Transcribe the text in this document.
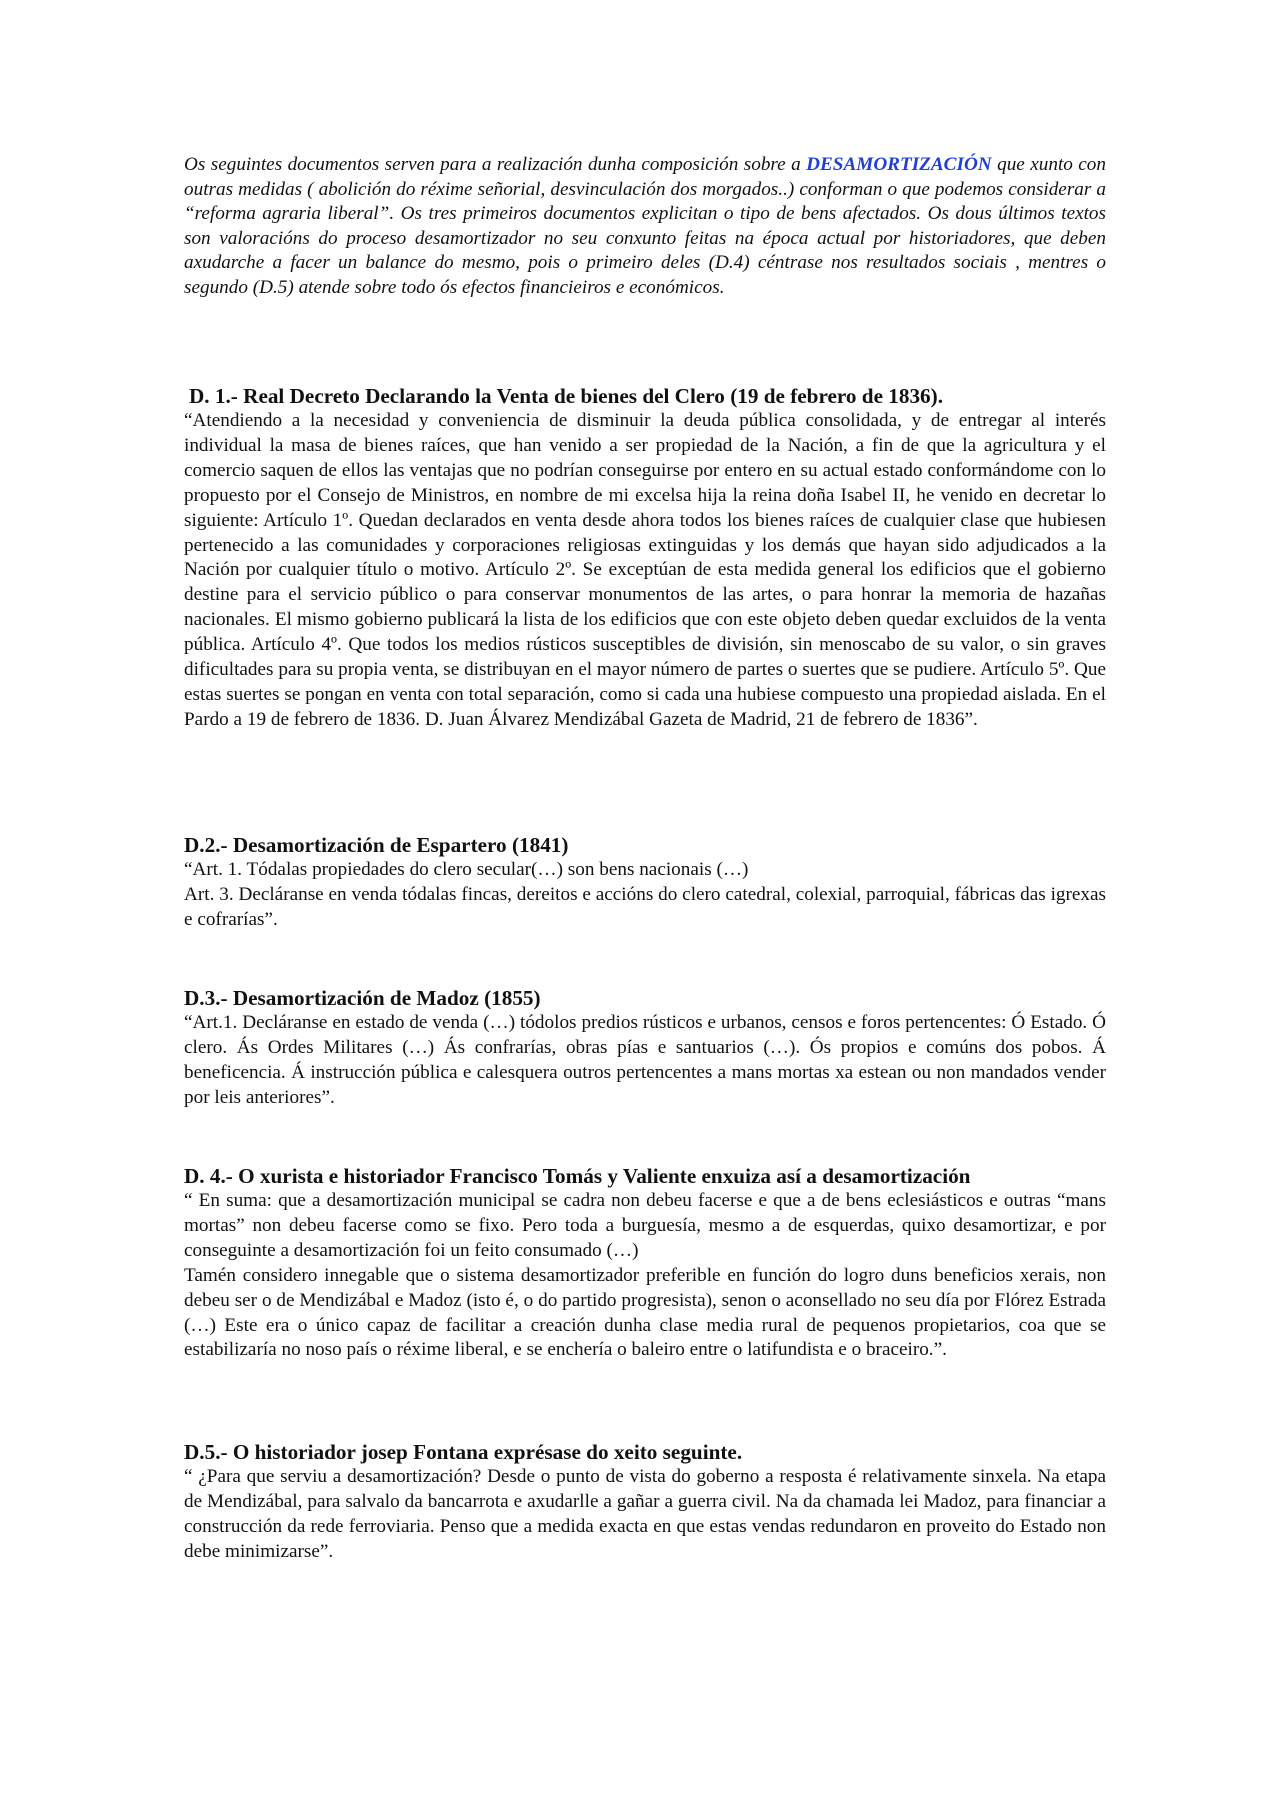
Os seguintes documentos serven para a realización dunha composición sobre a DESAMORTIZACIÓN que xunto con outras medidas ( abolición do réxime señorial, desvinculación dos morgados..) conforman o que podemos considerar a “reforma agraria liberal”. Os tres primeiros documentos explicitan o tipo de bens afectados. Os dous últimos textos son valoracións do proceso desamortizador no seu conxunto feitas na época actual por historiadores, que deben axudarche a facer un balance do mesmo, pois o primeiro deles (D.4) céntrase nos resultados sociais , mentres o segundo (D.5) atende sobre todo ós efectos financieiros e económicos.
D. 1.- Real Decreto Declarando la Venta de bienes del Clero (19 de febrero de 1836).

“Atendiendo a la necesidad y conveniencia de disminuir la deuda pública consolidada, y de entregar al interés individual la masa de bienes raíces, que han venido a ser propiedad de la Nación, a fin de que la agricultura y el comercio saquen de ellos las ventajas que no podrían conseguirse por entero en su actual estado conformándome con lo propuesto por el Consejo de Ministros, en nombre de mi excelsa hija la reina doña Isabel II, he venido en decretar lo siguiente: Artículo 1º. Quedan declarados en venta desde ahora todos los bienes raíces de cualquier clase que hubiesen pertenecido a las comunidades y corporaciones religiosas extinguidas y los demás que hayan sido adjudicados a la Nación por cualquier título o motivo. Artículo 2º. Se exceptúan de esta medida general los edificios que el gobierno destine para el servicio público o para conservar monumentos de las artes, o para honrar la memoria de hazañas nacionales. El mismo gobierno publicará la lista de los edificios que con este objeto deben quedar excluidos de la venta pública. Artículo 4º. Que todos los medios rústicos susceptibles de división, sin menoscabo de su valor, o sin graves dificultades para su propia venta, se distribuyan en el mayor número de partes o suertes que se pudiere. Artículo 5º. Que estas suertes se pongan en venta con total separación, como si cada una hubiese compuesto una propiedad aislada. En el Pardo a 19 de febrero de 1836. D. Juan Álvarez Mendizábal Gazeta de Madrid, 21 de febrero de 1836”.

D.2.- Desamortización de Espartero (1841)

“Art. 1. Tódalas propiedades do clero secular(…) son bens nacionais (…)

Art. 3. Decláranse en venda tódalas fincas, dereitos e accións do clero catedral, colexial, parroquial, fábricas das igrexas e cofrarías”.

D.3.- Desamortización de Madoz (1855)

“Art.1. Decláranse en estado de venda (…) tódolos predios rústicos e urbanos, censos e foros pertencentes: Ó Estado. Ó clero. Ás Ordes Militares (…) Ás confrarías, obras pías e santuarios (…). Ós propios e comúns dos pobos. Á beneficencia. Á instrucción pública e calesquera outros pertencentes a mans mortas xa estean ou non mandados vender por leis anteriores”.

D. 4.- O xurista e historiador Francisco Tomás y Valiente enxuiza así a desamortización

“ En suma: que a desamortización municipal se cadra non debeu facerse e que a de bens eclesiásticos e outras “mans mortas” non debeu facerse como se fixo. Pero toda a burguesía, mesmo a de esquerdas, quixo desamortizar, e por conseguinte a desamortización foi un feito consumado (…)

Tamén considero innegable que o sistema desamortizador preferible en función do logro duns beneficios xerais, non debeu ser o de Mendizábal e Madoz (isto é, o do partido progresista), senon o aconsellado no seu día por Flórez Estrada (…) Este era o único capaz de facilitar a creación dunha clase media rural de pequenos propietarios, coa que se estabilizaría no noso país o réxime liberal, e se enchería o baleiro entre o latifundista e o braceiro.”.

D.5.- O historiador josep Fontana exprésase do xeito seguinte.

“ ¿Para que serviu a desamortización? Desde o punto de vista do goberno a resposta é relativamente sinxela. Na etapa de Mendizábal, para salvalo da bancarrota e axudarlle a gañar a guerra civil. Na da chamada lei Madoz, para financiar a construcción da rede ferroviaria. Penso que a medida exacta en que estas vendas redundaron en proveito do Estado non debe minimizarse”.
